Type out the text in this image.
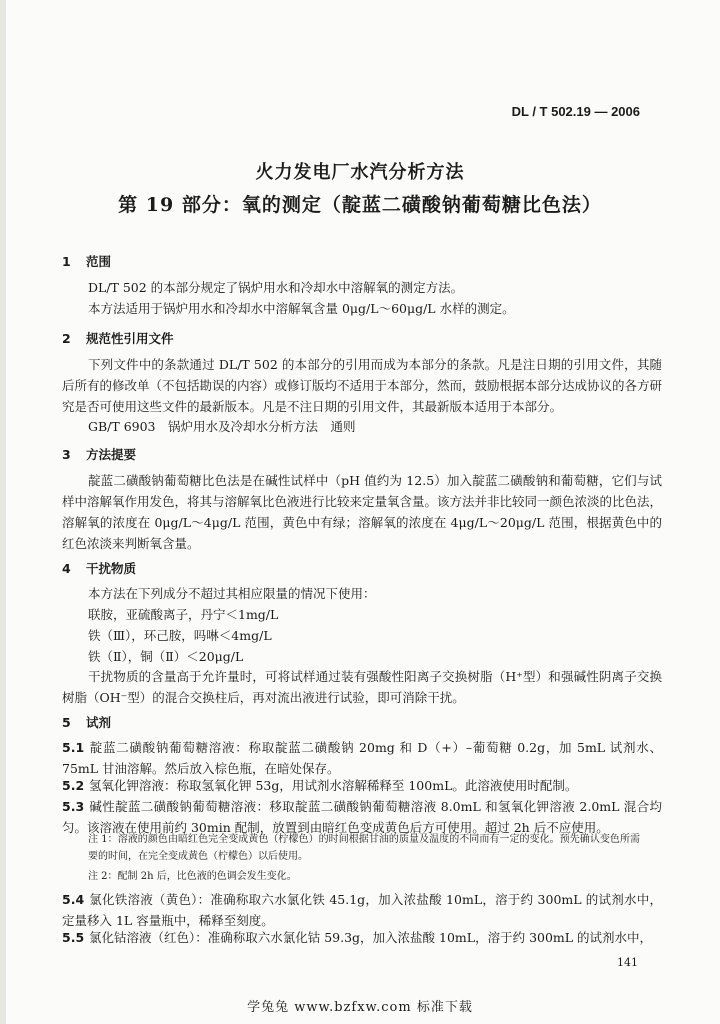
DL / T 502.19 — 2006
火力发电厂水汽分析方法
第 19 部分：氧的测定（靛蓝二磺酸钠葡萄糖比色法）
1 范围
DL/T 502 的本部分规定了锅炉用水和冷却水中溶解氧的测定方法。
本方法适用于锅炉用水和冷却水中溶解氧含量 0μg/L～60μg/L 水样的测定。
2 规范性引用文件
下列文件中的条款通过 DL/T 502 的本部分的引用而成为本部分的条款。凡是注日期的引用文件，其随后所有的修改单（不包括勘误的内容）或修订版均不适用于本部分，然而，鼓励根据本部分达成协议的各方研究是否可使用这些文件的最新版本。凡是不注日期的引用文件，其最新版本适用于本部分。
GB/T 6903　锅炉用水及冷却水分析方法　通则
3 方法提要
靛蓝二磺酸钠葡萄糖比色法是在碱性试样中（pH 值约为 12.5）加入靛蓝二磺酸钠和葡萄糖，它们与试样中溶解氧作用发色，将其与溶解氧比色液进行比较来定量氧含量。该方法并非比较同一颜色浓淡的比色法，溶解氧的浓度在 0μg/L～4μg/L 范围，黄色中有绿；溶解氧的浓度在 4μg/L～20μg/L 范围，根据黄色中的红色浓淡来判断氧含量。
4 干扰物质
本方法在下列成分不超过其相应限量的情况下使用：
联胺，亚硫酸离子，丹宁＜1mg/L
铁（Ⅲ），环己胺，吗啉＜4mg/L
铁（Ⅱ），铜（Ⅱ）＜20μg/L
干扰物质的含量高于允许量时，可将试样通过装有强酸性阳离子交换树脂（H⁺型）和强碱性阴离子交换树脂（OH⁻型）的混合交换柱后，再对流出液进行试验，即可消除干扰。
5 试剂
5.1 靛蓝二磺酸钠葡萄糖溶液：称取靛蓝二磺酸钠 20mg 和 D（+）–葡萄糖 0.2g，加 5mL 试剂水、75mL 甘油溶解。然后放入棕色瓶，在暗处保存。
5.2 氢氧化钾溶液：称取氢氧化钾 53g，用试剂水溶解稀释至 100mL。此溶液使用时配制。
5.3 碱性靛蓝二磺酸钠葡萄糖溶液：移取靛蓝二磺酸钠葡萄糖溶液 8.0mL 和氢氧化钾溶液 2.0mL 混合均匀。该溶液在使用前约 30min 配制，放置到由暗红色变成黄色后方可使用。超过 2h 后不应使用。
注 1：溶液的颜色由暗红色完全变成黄色（柠檬色）的时间根据甘油的质量及温度的不同而有一定的变化。预先确认变色所需要的时间，在完全变成黄色（柠檬色）以后使用。
注 2：配制 2h 后，比色液的色调会发生变化。
5.4 氯化铁溶液（黄色）：准确称取六水氯化铁 45.1g，加入浓盐酸 10mL，溶于约 300mL 的试剂水中，定量移入 1L 容量瓶中，稀释至刻度。
5.5 氯化钴溶液（红色）：准确称取六水氯化钴 59.3g，加入浓盐酸 10mL，溶于约 300mL 的试剂水中，
141
学兔兔 www.bzfxw.com 标准下载
